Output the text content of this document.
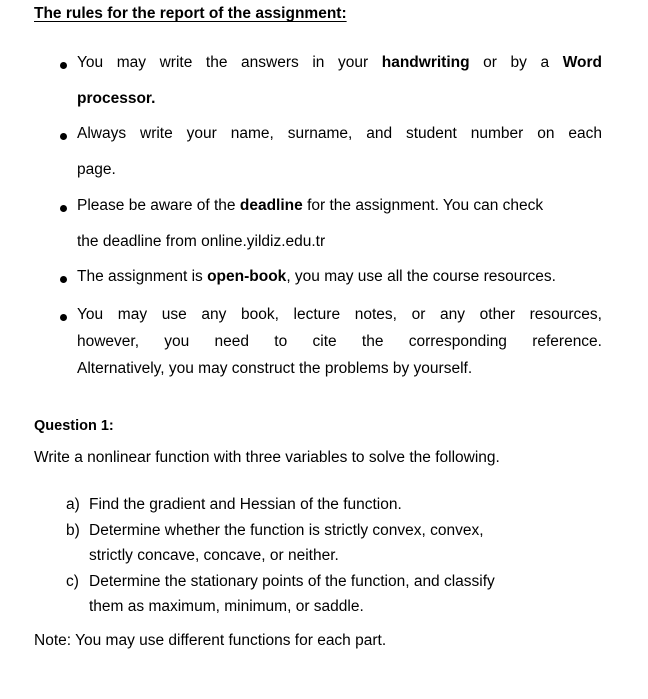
The rules for the report of the assignment:
You may write the answers in your handwriting or by a Word
processor.
Always write your name, surname, and student number on each
page.
Please be aware of the deadline for the assignment. You can check
the deadline from online.yildiz.edu.tr
The assignment is open-book, you may use all the course resources.
You may use any book, lecture notes, or any other resources,
however, you need to cite the corresponding reference.
Alternatively, you may construct the problems by yourself.
Question 1:
Write a nonlinear function with three variables to solve the following.
a) Find the gradient and Hessian of the function.
b) Determine whether the function is strictly convex, convex,
strictly concave, concave, or neither.
c) Determine the stationary points of the function, and classify
them as maximum, minimum, or saddle.
Note: You may use different functions for each part.
